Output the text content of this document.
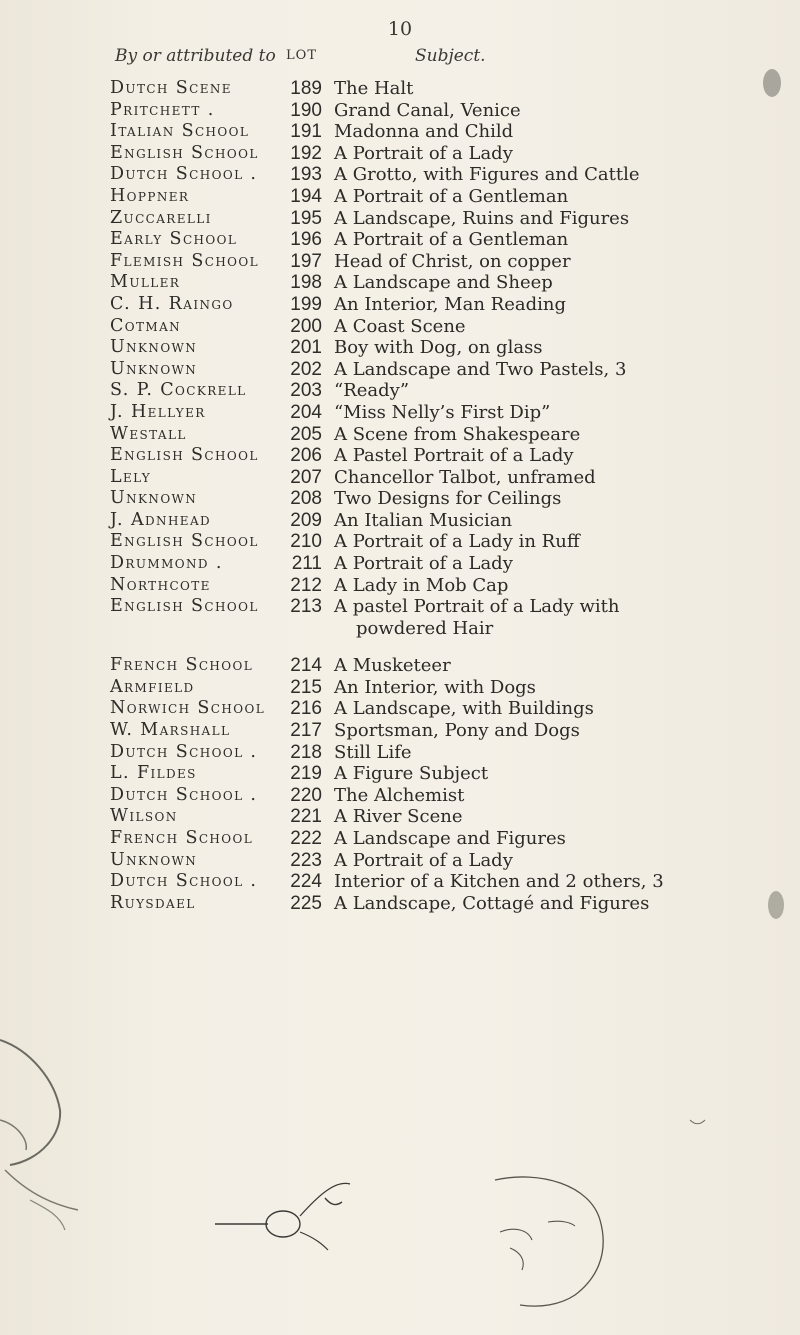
10
By or attributed to LOT	Subject.
Dutch Scene	189 The Halt
Pritchett .	190 Grand Canal, Venice
Italian School 191 Madonna and Child
English School 192 A Portrait of a Lady
Dutch School . 193 A Grotto, with Figures and Cattle
Hoppner	194 A Portrait of a Gentleman
Zuccarelli	195 A Landscape, Ruins and Figures
Early School	196 A Portrait of a Gentleman
Flemish School 197 Head of Christ, on copper
Muller	198 A Landscape and Sheep
C. H. Raingo	199 An Interior, Man Reading
Cotman	200 A Coast Scene
Unknown	201 Boy with Dog, on glass
Unknown	202 A Landscape and Two Pastels, 3
S. P. Cockrell 203 “Ready”
J. Hellyer	204 “Miss Nelly’s First Dip”
Westall	205 A Scene from Shakespeare
English School 206 A Pastel Portrait of a Lady
Lely	207 Chancellor Talbot, unframed
Unknown	208 Two Designs for Ceilings
J. Adnhead	209 An Italian Musician
English School 210 A Portrait of a Lady in Ruff
Drummond .	211 A Portrait of a Lady
Northcote	212 A Lady in Mob Cap
English School 213 A pastel Portrait of a Lady with
powdered Hair
French School 214 A Musketeer
Armfield	215 An Interior, with Dogs
Norwich School 216 A Landscape, with Buildings
W. Marshall	217 Sportsman, Pony and Dogs
Dutch School . 218 Still Life
L. Fildes	219 A Figure Subject
Dutch School . 220 The Alchemist
Wilson	221 A River Scene
French School 222 A Landscape and Figures
Unknown	223 A Portrait of a Lady
Dutch School . 224 Interior of a Kitchen and 2 others, 3
Ruysdael	225 A Landscape, Cottagé and Figures
